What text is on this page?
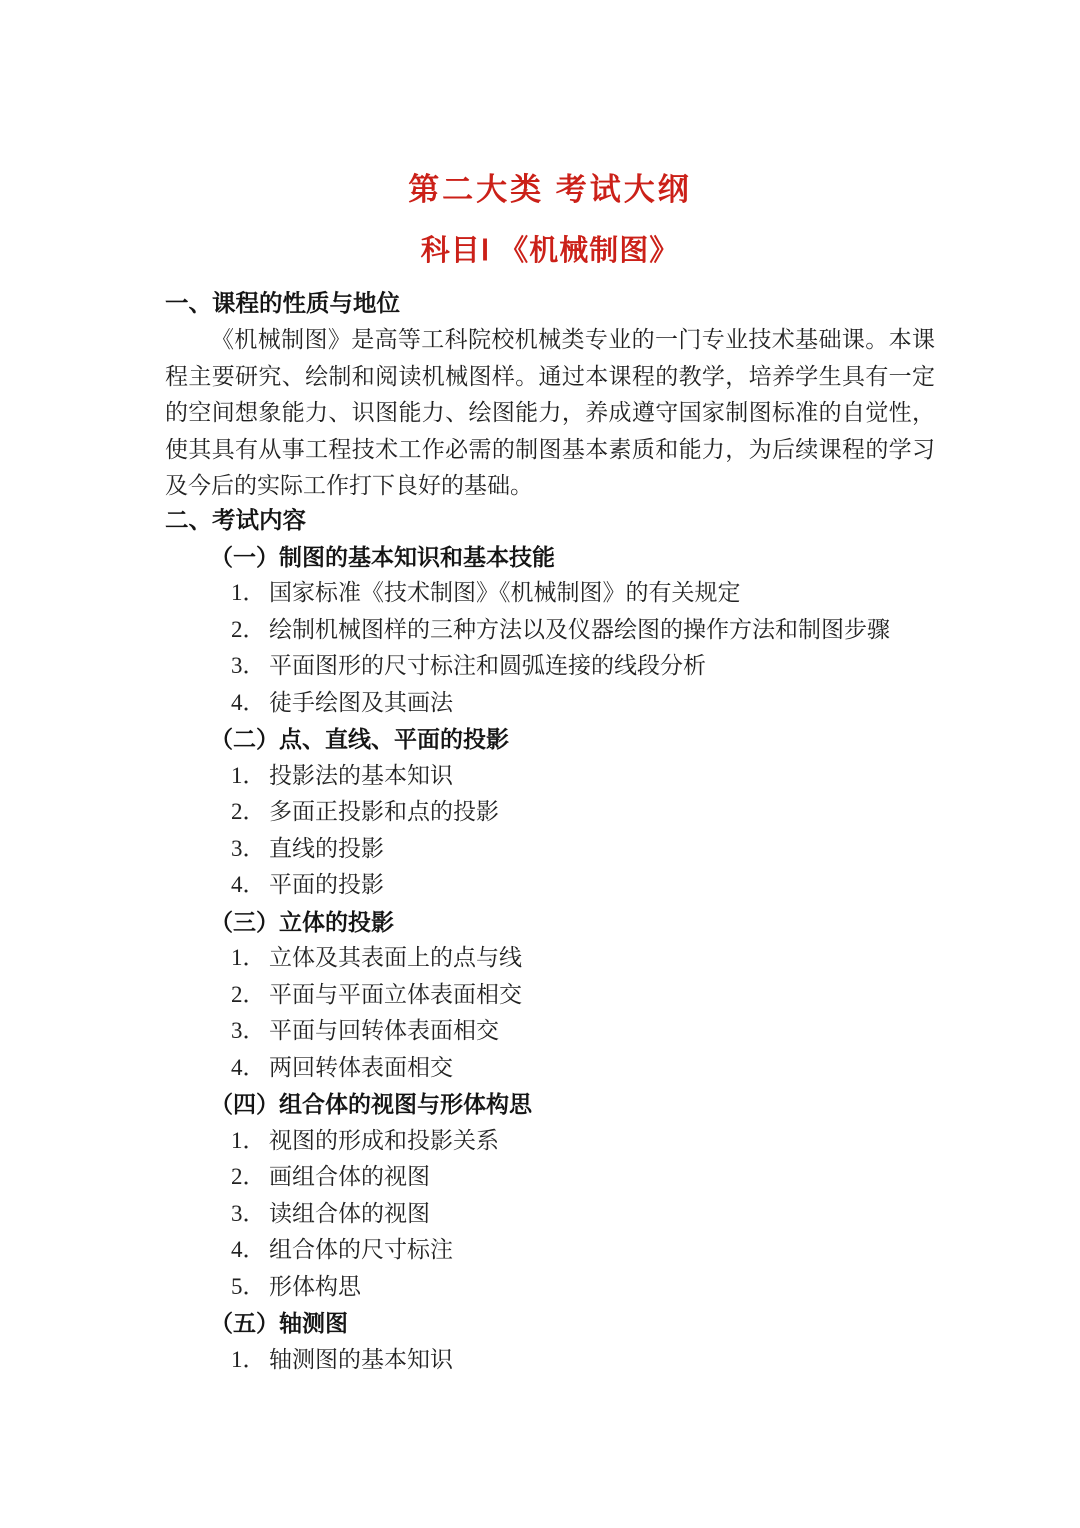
第二大类 考试大纲
科目Ⅰ 《机械制图》
一、课程的性质与地位

《机械制图》是高等工科院校机械类专业的一门专业技术基础课。本课程主要研究、绘制和阅读机械图样。通过本课程的教学，培养学生具有一定的空间想象能力、识图能力、绘图能力，养成遵守国家制图标准的自觉性，使其具有从事工程技术工作必需的制图基本素质和能力，为后续课程的学习及今后的实际工作打下良好的基础。

二、考试内容
（一）制图的基本知识和基本技能
1． 国家标准《技术制图》《机械制图》的有关规定
2． 绘制机械图样的三种方法以及仪器绘图的操作方法和制图步骤
3． 平面图形的尺寸标注和圆弧连接的线段分析
4． 徒手绘图及其画法
（二）点、直线、平面的投影
1． 投影法的基本知识
2． 多面正投影和点的投影
3． 直线的投影
4． 平面的投影
（三）立体的投影
1． 立体及其表面上的点与线
2． 平面与平面立体表面相交
3． 平面与回转体表面相交
4． 两回转体表面相交
（四）组合体的视图与形体构思
1． 视图的形成和投影关系
2． 画组合体的视图
3． 读组合体的视图
4． 组合体的尺寸标注
5． 形体构思
（五）轴测图
1． 轴测图的基本知识
